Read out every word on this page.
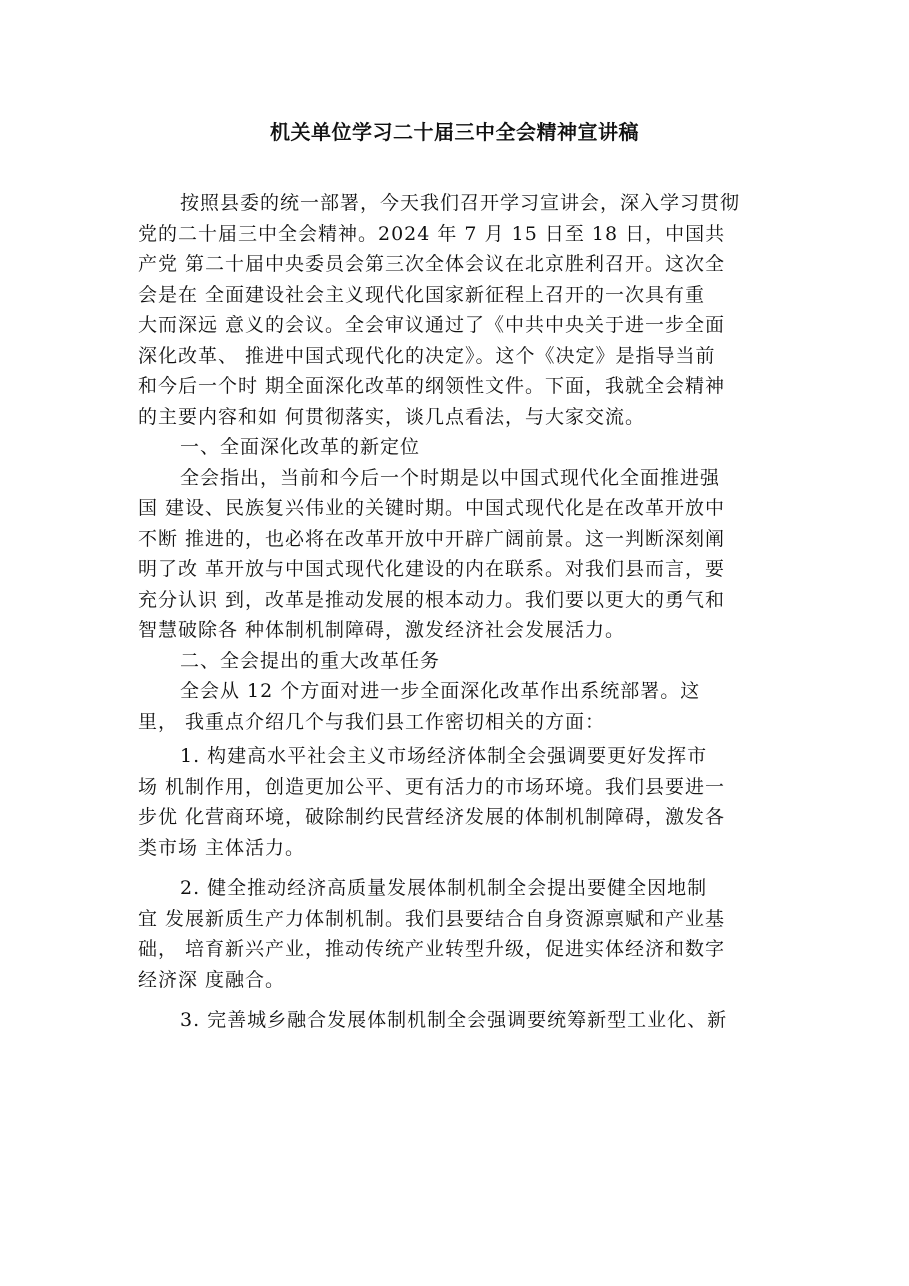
机关单位学习二十届三中全会精神宣讲稿

按照县委的统一部署，今天我们召开学习宣讲会，深入学习贯彻
党的二十届三中全会精神。2024 年 7 月 15 日至 18 日，中国共
产党 第二十届中央委员会第三次全体会议在北京胜利召开。这次全
会是在 全面建设社会主义现代化国家新征程上召开的一次具有重
大而深远 意义的会议。全会审议通过了《中共中央关于进一步全面
深化改革、 推进中国式现代化的决定》。这个《决定》是指导当前
和今后一个时 期全面深化改革的纲领性文件。下面，我就全会精神
的主要内容和如 何贯彻落实，谈几点看法，与大家交流。

一、全面深化改革的新定位

全会指出，当前和今后一个时期是以中国式现代化全面推进强
国 建设、民族复兴伟业的关键时期。中国式现代化是在改革开放中
不断 推进的，也必将在改革开放中开辟广阔前景。这一判断深刻阐
明了改 革开放与中国式现代化建设的内在联系。对我们县而言，要
充分认识 到，改革是推动发展的根本动力。我们要以更大的勇气和
智慧破除各 种体制机制障碍，激发经济社会发展活力。

二、全会提出的重大改革任务

全会从 12 个方面对进一步全面深化改革作出系统部署。这
里， 我重点介绍几个与我们县工作密切相关的方面：

1. 构建高水平社会主义市场经济体制全会强调要更好发挥市
场 机制作用，创造更加公平、更有活力的市场环境。我们县要进一
步优 化营商环境，破除制约民营经济发展的体制机制障碍，激发各
类市场 主体活力。

2. 健全推动经济高质量发展体制机制全会提出要健全因地制
宜 发展新质生产力体制机制。我们县要结合自身资源禀赋和产业基
础， 培育新兴产业，推动传统产业转型升级，促进实体经济和数字
经济深 度融合。

3. 完善城乡融合发展体制机制全会强调要统筹新型工业化、新
